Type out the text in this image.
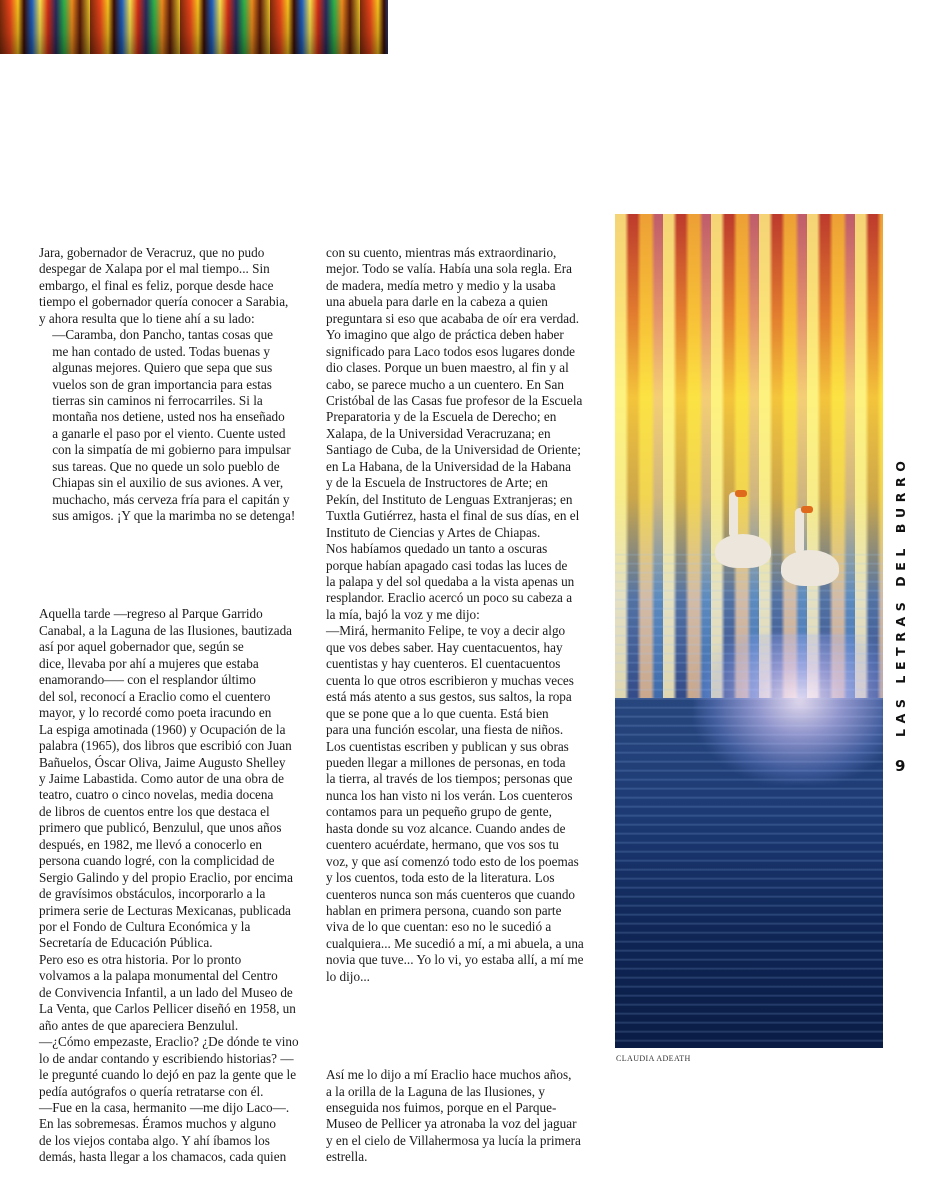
Jara, gobernador de Veracruz, que no pudo
despegar de Xalapa por el mal tiempo... Sin
embargo, el final es feliz, porque desde hace
tiempo el gobernador quería conocer a Sarabia,
y ahora resulta que lo tiene ahí a su lado:
—Caramba, don Pancho, tantas cosas que
me han contado de usted. Todas buenas y
algunas mejores. Quiero que sepa que sus
vuelos son de gran importancia para estas
tierras sin caminos ni ferrocarriles. Si la
montaña nos detiene, usted nos ha enseñado
a ganarle el paso por el viento. Cuente usted
con la simpatía de mi gobierno para impulsar
sus tareas. Que no quede un solo pueblo de
Chiapas sin el auxilio de sus aviones. A ver,
muchacho, más cerveza fría para el capitán y
sus amigos. ¡Y que la marimba no se detenga!

Aquella tarde —regreso al Parque Garrido
Canabal, a la Laguna de las Ilusiones, bautizada
así por aquel gobernador que, según se
dice, llevaba por ahí a mujeres que estaba
enamorando—– con el resplandor último
del sol, reconocí a Eraclio como el cuentero
mayor, y lo recordé como poeta iracundo en
La espiga amotinada (1960) y Ocupación de la
palabra (1965), dos libros que escribió con Juan
Bañuelos, Óscar Oliva, Jaime Augusto Shelley
y Jaime Labastida. Como autor de una obra de
teatro, cuatro o cinco novelas, media docena
de libros de cuentos entre los que destaca el
primero que publicó, Benzulul, que unos años
después, en 1982, me llevó a conocerlo en
persona cuando logré, con la complicidad de
Sergio Galindo y del propio Eraclio, por encima
de gravísimos obstáculos, incorporarlo a la
primera serie de Lecturas Mexicanas, publicada
por el Fondo de Cultura Económica y la
Secretaría de Educación Pública.
Pero eso es otra historia. Por lo pronto
volvamos a la palapa monumental del Centro
de Convivencia Infantil, a un lado del Museo de
La Venta, que Carlos Pellicer diseñó en 1958, un
año antes de que apareciera Benzulul.
—¿Cómo empezaste, Eraclio? ¿De dónde te vino
lo de andar contando y escribiendo historias? —
le pregunté cuando lo dejó en paz la gente que le
pedía autógrafos o quería retratarse con él.
—Fue en la casa, hermanito —me dijo Laco—.
En las sobremesas. Éramos muchos y alguno
de los viejos contaba algo. Y ahí íbamos los
demás, hasta llegar a los chamacos, cada quien

con su cuento, mientras más extraordinario,
mejor. Todo se valía. Había una sola regla. Era
de madera, medía metro y medio y la usaba
una abuela para darle en la cabeza a quien
preguntara si eso que acababa de oír era verdad.
Yo imagino que algo de práctica deben haber
significado para Laco todos esos lugares donde
dio clases. Porque un buen maestro, al fin y al
cabo, se parece mucho a un cuentero. En San
Cristóbal de las Casas fue profesor de la Escuela
Preparatoria y de la Escuela de Derecho; en
Xalapa, de la Universidad Veracruzana; en
Santiago de Cuba, de la Universidad de Oriente;
en La Habana, de la Universidad de la Habana
y de la Escuela de Instructores de Arte; en
Pekín, del Instituto de Lenguas Extranjeras; en
Tuxtla Gutiérrez, hasta el final de sus días, en el
Instituto de Ciencias y Artes de Chiapas.
Nos habíamos quedado un tanto a oscuras
porque habían apagado casi todas las luces de
la palapa y del sol quedaba a la vista apenas un
resplandor. Eraclio acercó un poco su cabeza a
la mía, bajó la voz y me dijo:
—Mirá, hermanito Felipe, te voy a decir algo
que vos debes saber. Hay cuentacuentos, hay
cuentistas y hay cuenteros. El cuentacuentos
cuenta lo que otros escribieron y muchas veces
está más atento a sus gestos, sus saltos, la ropa
que se pone que a lo que cuenta. Está bien
para una función escolar, una fiesta de niños.
Los cuentistas escriben y publican y sus obras
pueden llegar a millones de personas, en toda
la tierra, al través de los tiempos; personas que
nunca los han visto ni los verán. Los cuenteros
contamos para un pequeño grupo de gente,
hasta donde su voz alcance. Cuando andes de
cuentero acuérdate, hermano, que vos sos tu
voz, y que así comenzó todo esto de los poemas
y los cuentos, toda esto de la literatura. Los
cuenteros nunca son más cuenteros que cuando
hablan en primera persona, cuando son parte
viva de lo que cuentan: eso no le sucedió a
cualquiera... Me sucedió a mí, a mi abuela, a una
novia que tuve... Yo lo vi, yo estaba allí, a mí me
lo dijo...

Así me lo dijo a mí Eraclio hace muchos años,
a la orilla de la Laguna de las Ilusiones, y
enseguida nos fuimos, porque en el Parque-
Museo de Pellicer ya atronaba la voz del jaguar
y en el cielo de Villahermosa ya lucía la primera
estrella.

CLAUDIA ADEATH
LAS LETRAS DEL BURRO
9
